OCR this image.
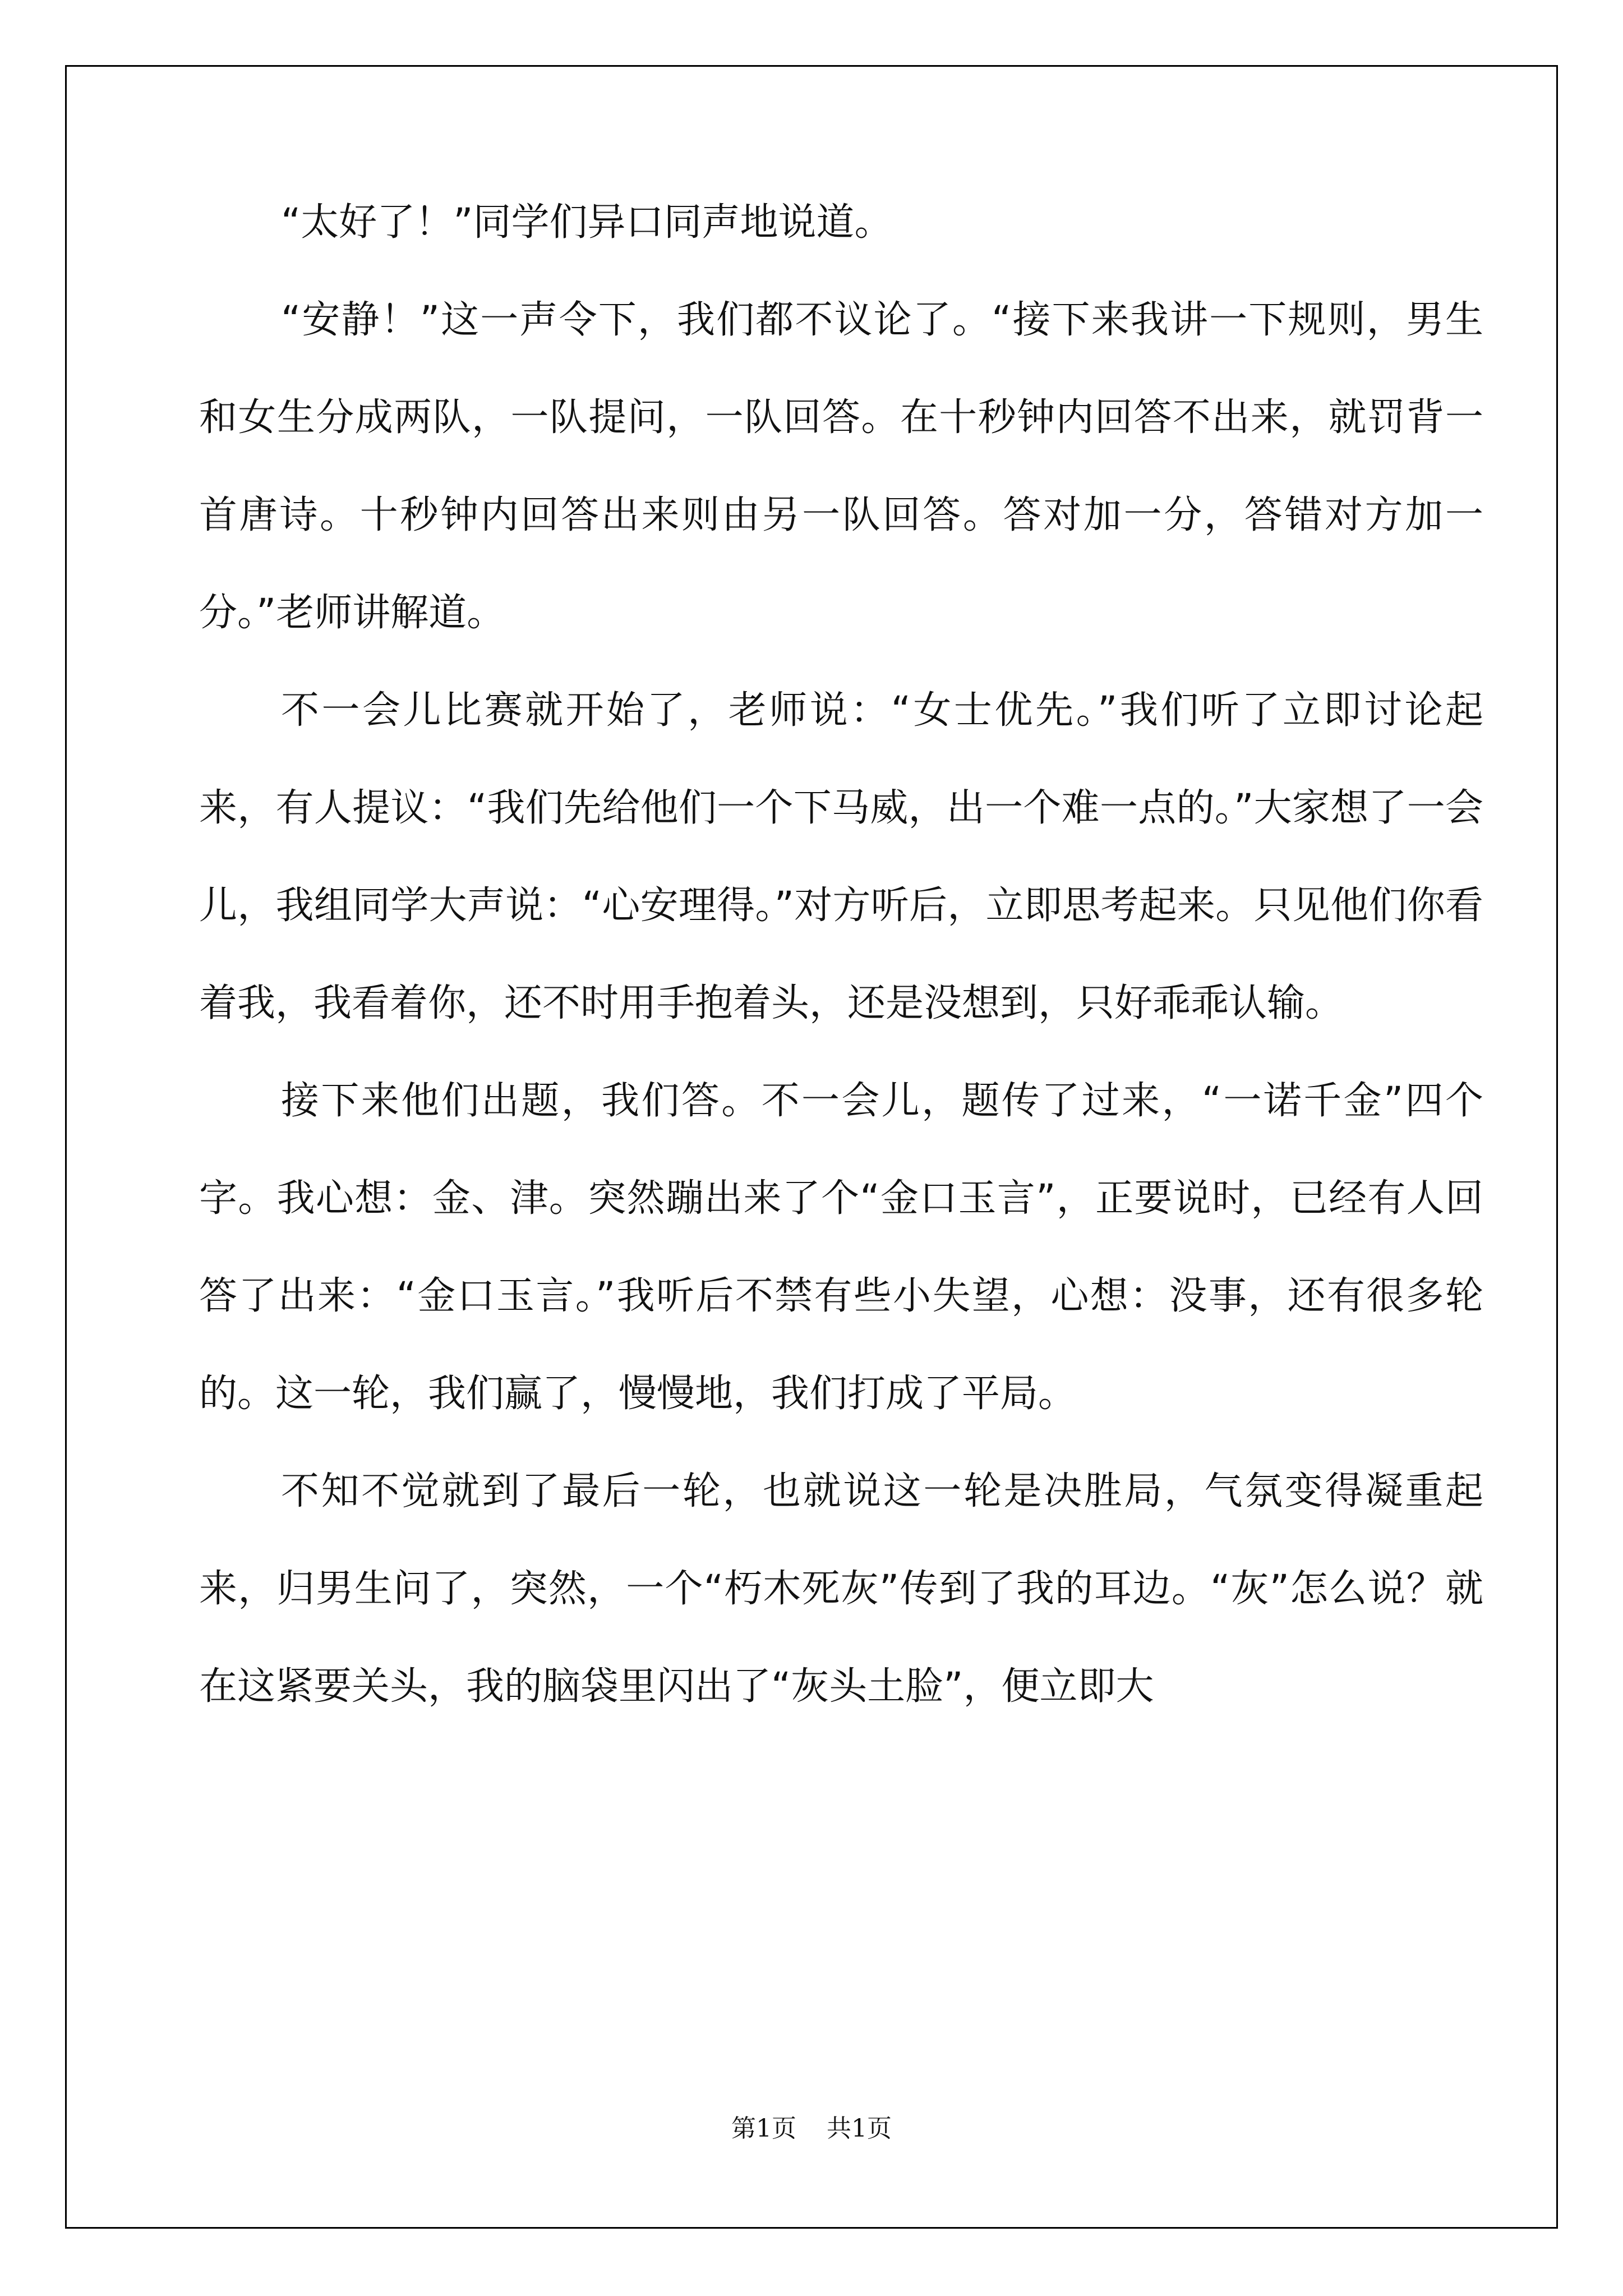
“太好了！”同学们异口同声地说道。

“安静！”这一声令下，我们都不议论了。“接下来我讲一下规则，男生和女生分成两队，一队提问，一队回答。在十秒钟内回答不出来，就罚背一首唐诗。十秒钟内回答出来则由另一队回答。答对加一分，答错对方加一分。”老师讲解道。

不一会儿比赛就开始了，老师说：“女士优先。”我们听了立即讨论起来，有人提议：“我们先给他们一个下马威，出一个难一点的。”大家想了一会儿，我组同学大声说：“心安理得。”对方听后，立即思考起来。只见他们你看着我，我看着你，还不时用手抱着头，还是没想到，只好乖乖认输。

接下来他们出题，我们答。不一会儿，题传了过来，“一诺千金”四个字。我心想：金、津。突然蹦出来了个“金口玉言”，正要说时，已经有人回答了出来：“金口玉言。”我听后不禁有些小失望，心想：没事，还有很多轮的。这一轮，我们赢了，慢慢地，我们打成了平局。

不知不觉就到了最后一轮，也就说这一轮是决胜局，气氛变得凝重起来，归男生问了，突然，一个“朽木死灰”传到了我的耳边。“灰”怎么说？就在这紧要关头，我的脑袋里闪出了“灰头土脸”，便立即大

第1页 共1页
